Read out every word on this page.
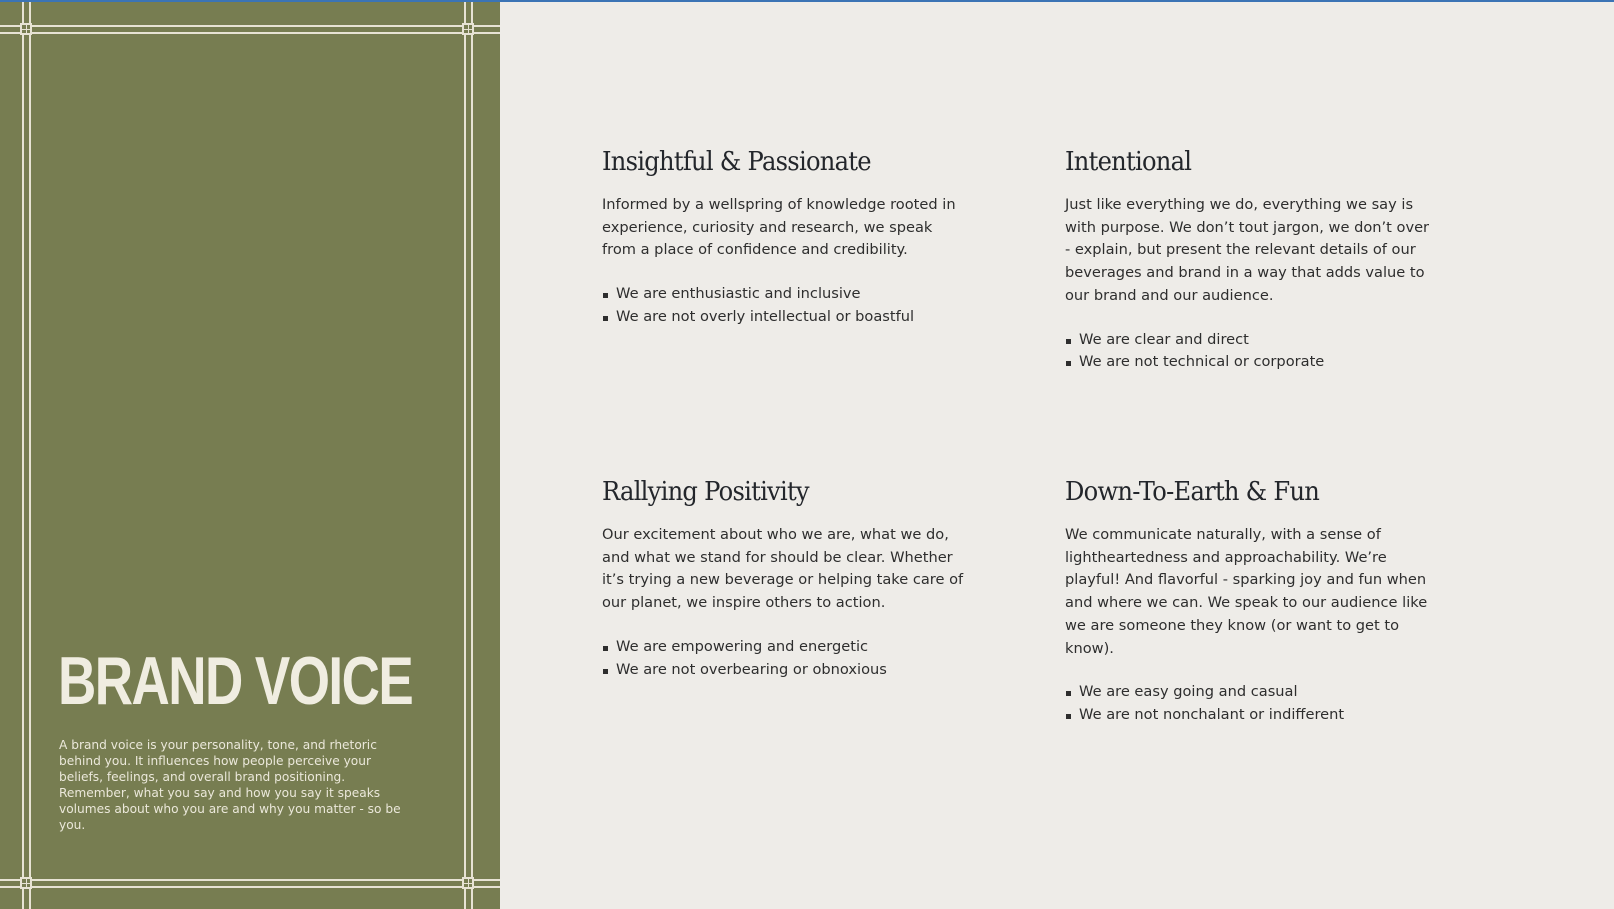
BRAND VOICE

A brand voice is your personality, tone, and rhetoric behind you. It influences how people perceive your beliefs, feelings, and overall brand positioning. Remember, what you say and how you say it speaks volumes about who you are and why you matter - so be you.

Insightful & Passionate

Informed by a wellspring of knowledge rooted in experience, curiosity and research, we speak from a place of confidence and credibility.

We are enthusiastic and inclusive
We are not overly intellectual or boastful
Intentional

Just like everything we do, everything we say is with purpose. We don’t tout jargon, we don’t over - explain, but present the relevant details of our beverages and brand in a way that adds value to our brand and our audience.

We are clear and direct
We are not technical or corporate
Rallying Positivity

Our excitement about who we are, what we do, and what we stand for should be clear. Whether it’s trying a new beverage or helping take care of our planet, we inspire others to action.

We are empowering and energetic
We are not overbearing or obnoxious
Down-To-Earth & Fun

We communicate naturally, with a sense of lightheartedness and approachability. We’re playful! And flavorful - sparking joy and fun when and where we can. We speak to our audience like we are someone they know (or want to get to know).

We are easy going and casual
We are not nonchalant or indifferent
